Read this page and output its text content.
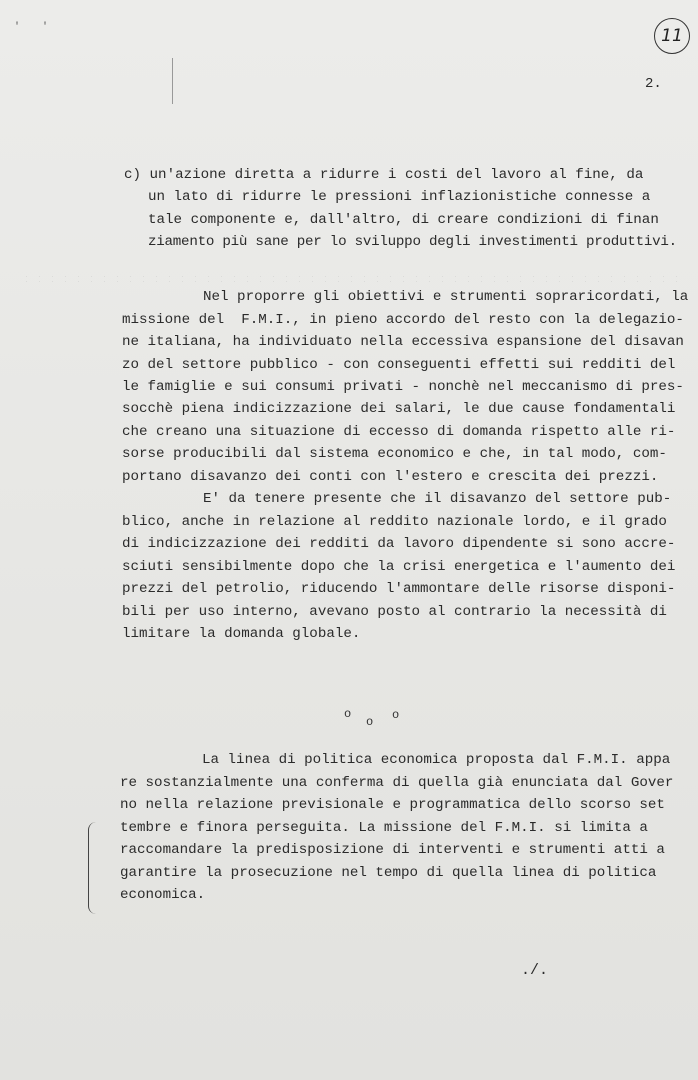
' '	11
2.

c) un'azione diretta a ridurre i costi del lavoro al fine, da

un lato di ridurre le pressioni inflazionistiche connesse a

tale componente e, dall'altro, di creare condizioni di finan

ziamento più sane per lo sviluppo degli investimenti produttivi.

Nel proporre gli obiettivi e strumenti sopraricordati, la

missione del  F.M.I., in pieno accordo del resto con la delegazio-

ne italiana, ha individuato nella eccessiva espansione del disavan

zo del settore pubblico - con conseguenti effetti sui redditi del

le famiglie e sui consumi privati - nonchè nel meccanismo di pres-

socchè piena indicizzazione dei salari, le due cause fondamentali

che creano una situazione di eccesso di domanda rispetto alle ri-

sorse producibili dal sistema economico e che, in tal modo, com-

portano disavanzo dei conti con l'estero e crescita dei prezzi.

E' da tenere presente che il disavanzo del settore pub-

blico, anche in relazione al reddito nazionale lordo, e il grado

di indicizzazione dei redditi da lavoro dipendente si sono accre-

sciuti sensibilmente dopo che la crisi energetica e l'aumento dei

prezzi del petrolio, riducendo l'ammontare delle risorse disponi-

bili per uso interno, avevano posto al contrario la necessità di

limitare la domanda globale.

o
o o

La linea di politica economica proposta dal F.M.I. appa

re sostanzialmente una conferma di quella già enunciata dal Gover

no nella relazione previsionale e programmatica dello scorso set

tembre e finora perseguita. La missione del F.M.I. si limita a

raccomandare la predisposizione di interventi e strumenti atti a

garantire la prosecuzione nel tempo di quella linea di politica

economica.

./.
